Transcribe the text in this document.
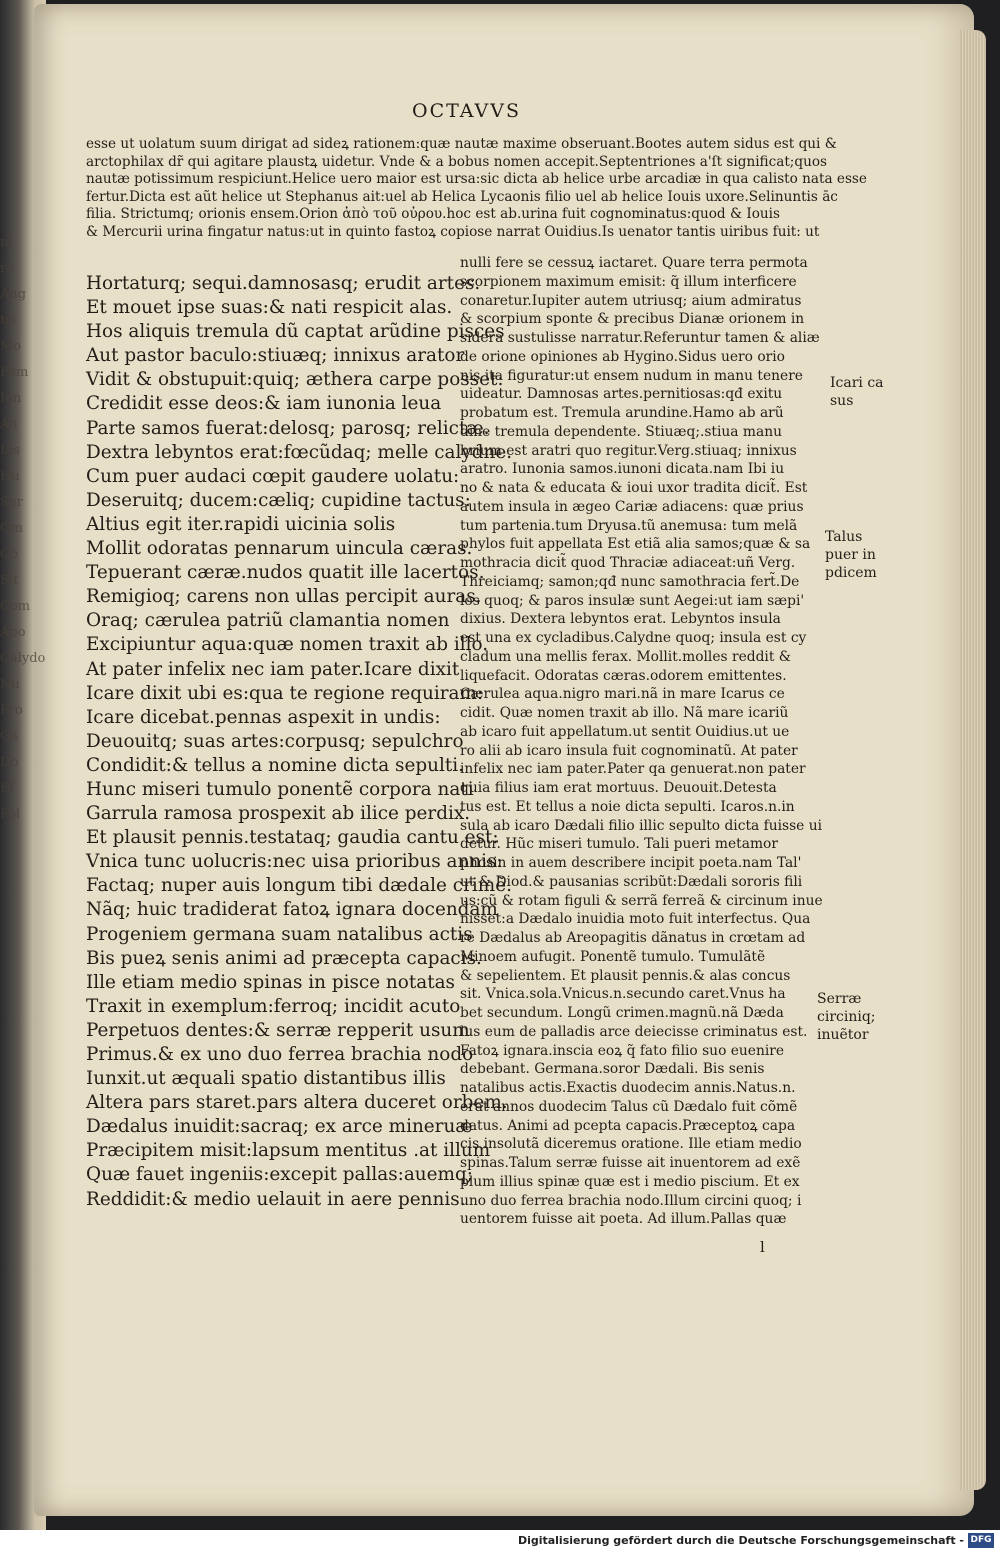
ni
ro
Ang
tri
Mo
Fem
Ion
An
Ins
Hu
Ser
Om
Co
Sit
Com
Apo
Calydo
Nu
Pro
Ga
Do
Ef
Pol

OCTAVVS
esse ut uolatum suum dirigat ad sideꝝ rationem:quæ nautæ maxime obseruant.Bootes autem sidus est qui &
arctophilax dr̃ qui agitare plaustꝝ uidetur. Vnde & a bobus nomen accepit.Septentriones a'ſt significat;quos
nautæ potissimum respiciunt.Helice uero maior est ursa:sic dicta ab helice urbe arcadiæ in qua calisto nata esse
fertur.Dicta est aũt helice ut Stephanus ait:uel ab Helica Lycaonis filio uel ab helice Iouis uxore.Selinuntis āc
filia. Strictumq; orionis ensem.Orion ἀπὸ τοῦ οὐρου.hoc est ab.urina fuit cognominatus:quod & Iouis
& Mercurii urina fingatur natus:ut in quinto fastoꝝ copiose narrat Ouidius.Is uenator tantis uiribus fuit: ut
Hortaturq; sequi.damnosasq; erudit artes.
Et mouet ipse suas:& nati respicit alas.
Hos aliquis tremula dũ captat arũdine pisces
Aut pastor baculo:stiuæq; innixus arator
Vidit & obstupuit:quiq; æthera carpe posset:
Credidit esse deos:& iam iunonia leua
Parte samos fuerat:delosq; parosq; relictæ.
Dextra lebyntos erat:fœcũdaq; melle calydne.
Cum puer audaci cœpit gaudere uolatu:
Deseruitq; ducem:cæliq; cupidine tactus:
Altius egit iter.rapidi uicinia solis
Mollit odoratas pennarum uincula cæras.
Tepuerant cæræ.nudos quatit ille lacertos.
Remigioq; carens non ullas percipit auras.
Oraq; cærulea patriũ clamantia nomen
Excipiuntur aqua:quæ nomen traxit ab illo.
At pater infelix nec iam pater.Icare dixit
Icare dixit ubi es:qua te regione requiram:
Icare dicebat.pennas aspexit in undis:
Deuouitq; suas artes:corpusq; sepulchro
Condidit:& tellus a nomine dicta sepulti.
Hunc miseri tumulo ponentẽ corpora nati
Garrula ramosa prospexit ab ilice perdix.
Et plausit pennis.testataq; gaudia cantu est:
Vnica tunc uolucris:nec uisa prioribus annis:
Factaq; nuper auis longum tibi dædale crimẽ.
Nãq; huic tradiderat fatoꝝ ignara docendam
Progeniem germana suam natalibus actis
Bis pueꝝ senis animi ad præcepta capacis.
Ille etiam medio spinas in pisce notatas
Traxit in exemplum:ferroq; incidit acuto
Perpetuos dentes:& serræ repperit usum
Primus.& ex uno duo ferrea brachia nodo
Iunxit.ut æquali spatio distantibus illis
Altera pars staret.pars altera duceret orbem.
Dædalus inuidit:sacraq; ex arce mineruæ
Præcipitem misit:lapsum mentitus .at illum
Quæ fauet ingeniis:excepit pallas:auemq;
Reddidit:& medio uelauit in aere pennis.
nulli fere se cessuꝝ iactaret. Quare terra permota
scorpionem maximum emisit: q̃ illum interficere
conaretur.Iupiter autem utriusq; aium admiratus
& scorpium sponte & precibus Dianæ orionem in
sidera sustulisse narratur.Referuntur tamen & aliæ
de orione opiniones ab Hygino.Sidus uero orio
nis ita figuratur:ut ensem nudum in manu tenere
uideatur. Damnosas artes.pernitiosas:qđ exitu
probatum est. Tremula arundine.Hamo ab arũ
dine tremula dependente. Stiuæq;.stiua manu
brium est aratri quo regitur.Verg.stiuaq; innixus
aratro. Iunonia samos.iunoni dicata.nam Ibi iu
no & nata & educata & ioui uxor tradita dicit̃. Est
autem insula in ægeo Cariæ adiacens: quæ prius
tum partenia.tum Dryusa.tũ anemusa: tum melã
phylos fuit appellata Est etiã alia samos;quæ & sa
mothracia dicit̃ quod Thraciæ adiaceat:uñ Verg.
Threiciamq; samon;qđ nunc samothracia fert̃.De
los quoq; & paros insulæ sunt Aegei:ut iam sæpi'
dixius. Dextera lebyntos erat. Lebyntos insula
est una ex cycladibus.Calydne quoq; insula est cy
cladum una mellis ferax. Mollit.molles reddit &
liquefacit. Odoratas cæras.odorem emittentes.
Cærulea aqua.nigro mari.nã in mare Icarus ce
cidit. Quæ nomen traxit ab illo. Nã mare icariũ
ab icaro fuit appellatum.ut sentit Ouidius.ut ue
ro alii ab icaro insula fuit cognominatũ. At pater
infelix nec iam pater.Pater qa genuerat.non pater
quia filius iam erat mortuus. Deuouit.Detesta
tus est. Et tellus a noie dicta sepulti. Icaros.n.in
sula ab icaro Dædali filio illic sepulto dicta fuisse ui
detur. Hũc miseri tumulo. Tali pueri metamor
phosin in auem describere incipit poeta.nam Tal'
ut & Diod.& pausanias scribũt:Dædali sororis fili
us:cũ & rotam figuli & serrã ferreã & circinum inue
nisset:a Dædalo inuidia moto fuit interfectus. Qua
re Dædalus ab Areopagitis dãnatus in crœtam ad
Minoem aufugit. Ponentẽ tumulo. Tumulãtẽ
& sepelientem. Et plausit pennis.& alas concus
sit. Vnica.sola.Vnicus.n.secundo caret.Vnus ha
bet secundum. Longũ crimen.magnũ.nã Dæda
lus eum de palladis arce deiecisse criminatus est.
Fatoꝝ ignara.inscia eoꝝ q̃ fato filio suo euenire
debebant. Germana.soror Dædali. Bis senis
natalibus actis.Exactis duodecim annis.Natus.n.
erat annos duodecim Talus cũ Dædalo fuit cõmẽ
datus. Animi ad pcepta capacis.Præceptoꝝ capa
cis insolutã diceremus oratione. Ille etiam medio
spinas.Talum serræ fuisse ait inuentorem ad exẽ
plum illius spinæ quæ est i medio piscium. Et ex
uno duo ferrea brachia nodo.Illum circini quoq; i
uentorem fuisse ait poeta. Ad illum.Pallas quæ
Icari ca
sus
Talus
puer in
pdicem
Serræ
circiniq;
inuẽtor
l
Digitalisierung gefördert durch die Deutsche Forschungsgemeinschaft - DFG
